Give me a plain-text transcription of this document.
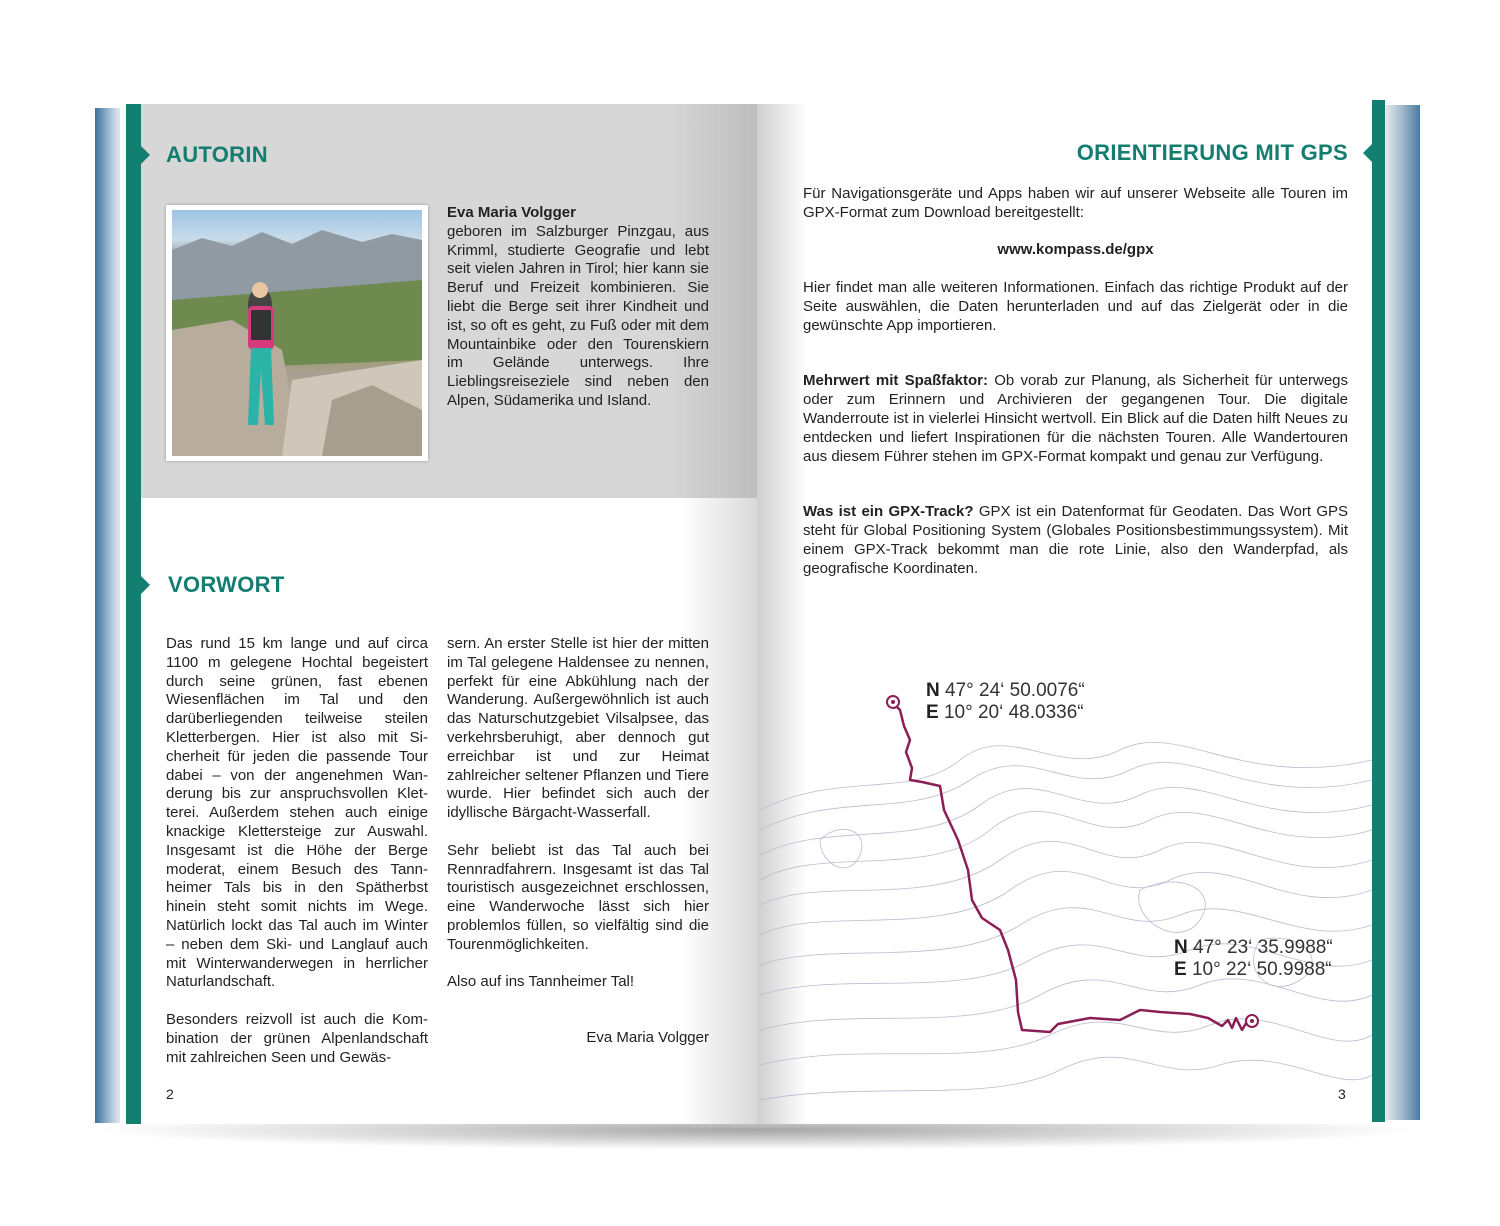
AUTORIN
Eva Maria Volgger
geboren im Salzburger Pinzgau, aus Krimml, studierte Geografie und lebt seit vielen Jahren in Tirol; hier kann sie Beruf und Freizeit kombinieren. Sie liebt die Berge seit ihrer Kindheit und ist, so oft es geht, zu Fuß oder mit dem Mountainbike oder den Tourenskiern im Gelände unterwegs. Ihre Lieblingsreiseziele sind neben den Alpen, Südamerika und Island.
VORWORT

Das rund 15 km lange und auf circa 1100 m gelegene Hochtal begeistert durch seine grünen, fast ebenen Wiesenflächen im Tal und den darüberliegenden teilweise steilen Kletterbergen. Hier ist also mit Sicherheit für jeden die passende Tour dabei – von der angenehmen Wanderung bis zur anspruchsvollen Kletterei. Außerdem stehen auch einige knackige Klettersteige zur Auswahl. Insgesamt ist die Höhe der Berge moderat, einem Besuch des Tannheimer Tals bis in den Spätherbst hinein steht somit nichts im Wege. Natürlich lockt das Tal auch im Winter – neben dem Ski- und Langlauf auch mit Winterwanderwegen in herrlicher Naturlandschaft.

Besonders reizvoll ist auch die Kombination der grünen Alpenlandschaft mit zahlreichen Seen und Gewäs-

sern. An erster Stelle ist hier der mitten im Tal gelegene Haldensee zu nennen, perfekt für eine Abkühlung nach der Wanderung. Außergewöhnlich ist auch das Naturschutzgebiet Vilsalpsee, das verkehrsberuhigt, aber dennoch gut erreichbar ist und zur Heimat zahlreicher seltener Pflanzen und Tiere wurde. Hier befindet sich auch der idyllische Bärgacht-Wasserfall.

Sehr beliebt ist das Tal auch bei Rennradfahrern. Insgesamt ist das Tal touristisch ausgezeichnet erschlossen, eine Wanderwoche lässt sich hier problemlos füllen, so vielfältig sind die Tourenmöglichkeiten.

Also auf ins Tannheimer Tal!

Eva Maria Volgger

2
ORIENTIERUNG MIT GPS

Für Navigationsgeräte und Apps haben wir auf unserer Webseite alle Touren im GPX-Format zum Download bereitgestellt:

www.kompass.de/gpx

Hier findet man alle weiteren Informationen. Einfach das richtige Produkt auf der Seite auswählen, die Daten herunterladen und auf das Zielgerät oder in die gewünschte App importieren.

Mehrwert mit Spaßfaktor: Ob vorab zur Planung, als Sicherheit für unterwegs oder zum Erinnern und Archivieren der gegangenen Tour. Die digitale Wanderroute ist in vielerlei Hinsicht wertvoll. Ein Blick auf die Daten hilft Neues zu entdecken und liefert Inspirationen für die nächsten Touren. Alle Wandertouren aus diesem Führer stehen im GPX-Format kompakt und genau zur Verfügung.

Was ist ein GPX-Track? GPX ist ein Datenformat für Geodaten. Das Wort GPS steht für Global Positioning System (Globales Positionsbestimmungssystem). Mit einem GPX-Track bekommt man die rote Linie, also den Wanderpfad, als geografische Koordinaten.

N 47° 24‘ 50.0076“
E 10° 20‘ 48.0336“
N 47° 23‘ 35.9988“
E 10° 22‘ 50.9988“
3
